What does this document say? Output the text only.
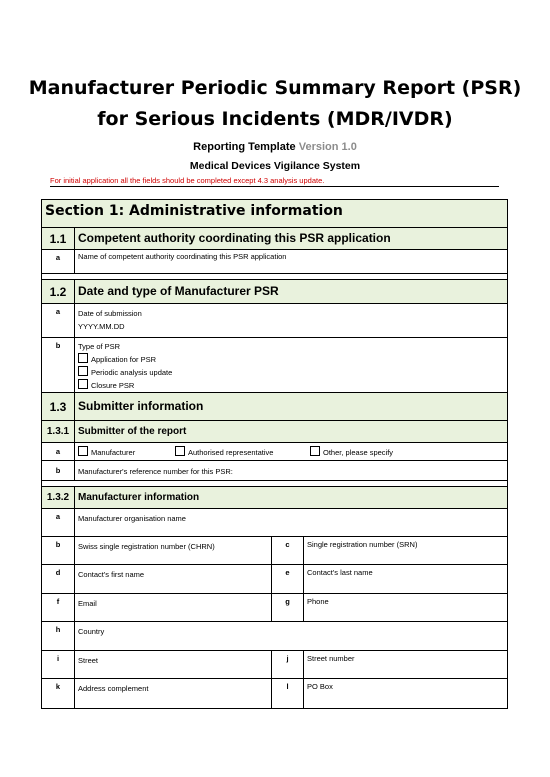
Manufacturer Periodic Summary Report (PSR)
for Serious Incidents (MDR/IVDR)
Reporting Template Version 1.0
Medical Devices Vigilance System
For initial application all the fields should be completed except 4.3 analysis update.
Section 1: Administrative information
1.1 Competent authority coordinating this PSR application
a	Name of competent authority coordinating this PSR application
1.2 Date and type of Manufacturer PSR
a	Date of submission
YYYY.MM.DD
b	Type of PSR
Application for PSR
Periodic analysis update
Closure PSR
1.3 Submitter information
1.3.1 Submitter of the report
a	Manufacturer	Authorised representative	Other, please specify
b	Manufacturer's reference number for this PSR:
1.3.2 Manufacturer information
a	Manufacturer organisation name
b	Swiss single registration number (CHRN)	c	Single registration number (SRN)
d	Contact's first name	e	Contact's last name
f	Email	g	Phone
h	Country
i	Street	j	Street number
k	Address complement	l	PO Box
